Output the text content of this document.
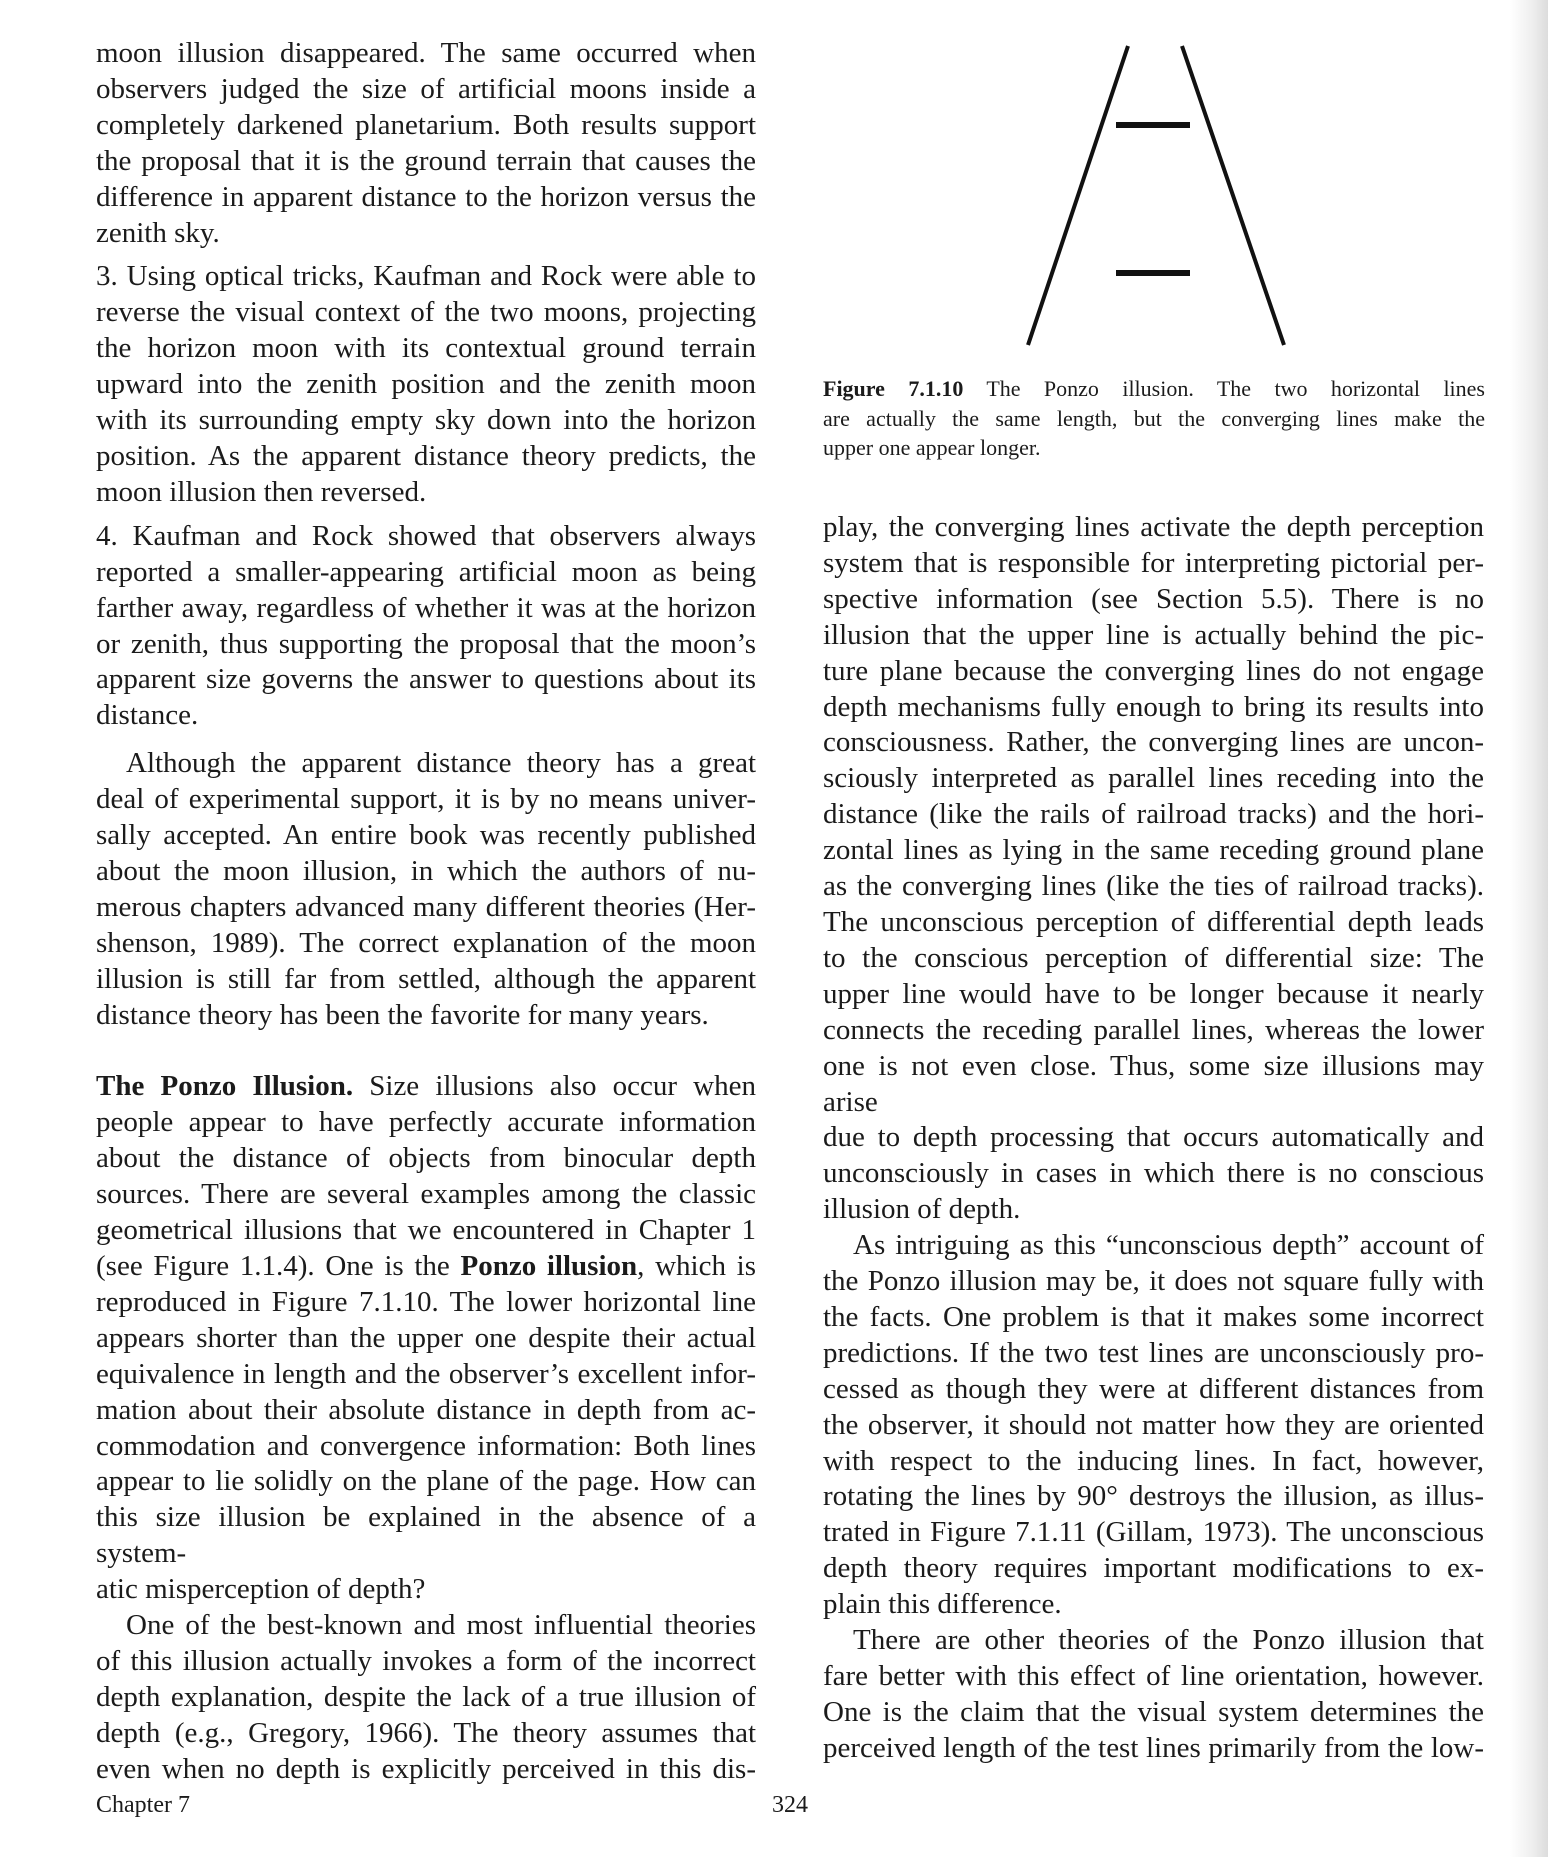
moon illusion disappeared. The same occurred when

observers judged the size of artificial moons inside a

completely darkened planetarium. Both results support

the proposal that it is the ground terrain that causes the

difference in apparent distance to the horizon versus the

zenith sky.

3. Using optical tricks, Kaufman and Rock were able to

reverse the visual context of the two moons, projecting

the horizon moon with its contextual ground terrain

upward into the zenith position and the zenith moon

with its surrounding empty sky down into the horizon

position. As the apparent distance theory predicts, the

moon illusion then reversed.

4. Kaufman and Rock showed that observers always

reported a smaller-appearing artificial moon as being

farther away, regardless of whether it was at the horizon

or zenith, thus supporting the proposal that the moon’s

apparent size governs the answer to questions about its

distance.

Although the apparent distance theory has a great

deal of experimental support, it is by no means univer-

sally accepted. An entire book was recently published

about the moon illusion, in which the authors of nu-

merous chapters advanced many different theories (Her-

shenson, 1989). The correct explanation of the moon

illusion is still far from settled, although the apparent

distance theory has been the favorite for many years.

The Ponzo Illusion. Size illusions also occur when

people appear to have perfectly accurate information

about the distance of objects from binocular depth

sources. There are several examples among the classic

geometrical illusions that we encountered in Chapter 1

(see Figure 1.1.4). One is the Ponzo illusion, which is

reproduced in Figure 7.1.10. The lower horizontal line

appears shorter than the upper one despite their actual

equivalence in length and the observer’s excellent infor-

mation about their absolute distance in depth from ac-

commodation and convergence information: Both lines

appear to lie solidly on the plane of the page. How can

this size illusion be explained in the absence of a system-

atic misperception of depth?

One of the best-known and most influential theories

of this illusion actually invokes a form of the incorrect

depth explanation, despite the lack of a true illusion of

depth (e.g., Gregory, 1966). The theory assumes that

even when no depth is explicitly perceived in this dis-

Figure 7.1.10 The Ponzo illusion. The two horizontal lines

are actually the same length, but the converging lines make the

upper one appear longer.

play, the converging lines activate the depth perception

system that is responsible for interpreting pictorial per-

spective information (see Section 5.5). There is no

illusion that the upper line is actually behind the pic-

ture plane because the converging lines do not engage

depth mechanisms fully enough to bring its results into

consciousness. Rather, the converging lines are uncon-

sciously interpreted as parallel lines receding into the

distance (like the rails of railroad tracks) and the hori-

zontal lines as lying in the same receding ground plane

as the converging lines (like the ties of railroad tracks).

The unconscious perception of differential depth leads

to the conscious perception of differential size: The

upper line would have to be longer because it nearly

connects the receding parallel lines, whereas the lower

one is not even close. Thus, some size illusions may arise

due to depth processing that occurs automatically and

unconsciously in cases in which there is no conscious

illusion of depth.

As intriguing as this “unconscious depth” account of

the Ponzo illusion may be, it does not square fully with

the facts. One problem is that it makes some incorrect

predictions. If the two test lines are unconsciously pro-

cessed as though they were at different distances from

the observer, it should not matter how they are oriented

with respect to the inducing lines. In fact, however,

rotating the lines by 90° destroys the illusion, as illus-

trated in Figure 7.1.11 (Gillam, 1973). The unconscious

depth theory requires important modifications to ex-

plain this difference.

There are other theories of the Ponzo illusion that

fare better with this effect of line orientation, however.

One is the claim that the visual system determines the

perceived length of the test lines primarily from the low-

Chapter 7	324
